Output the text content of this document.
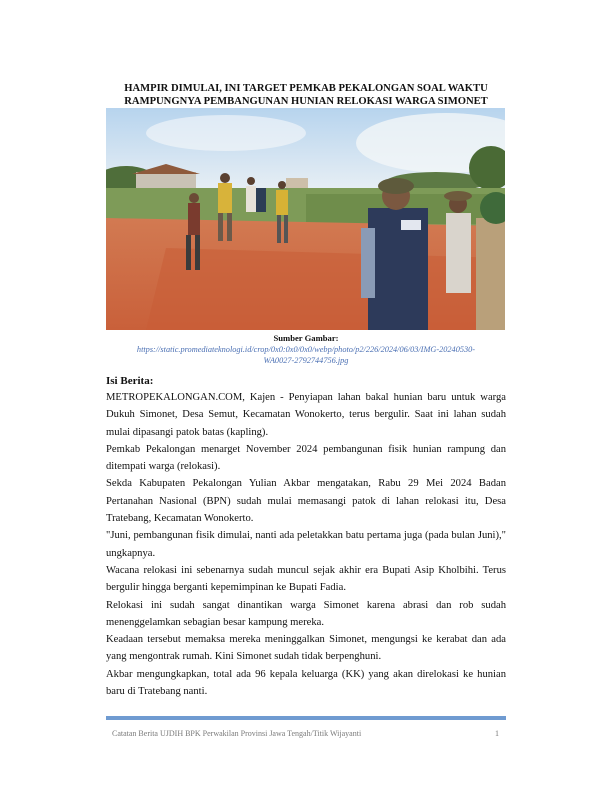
HAMPIR DIMULAI, INI TARGET PEMKAB PEKALONGAN SOAL WAKTU
RAMPUNGNYA PEMBANGUNAN HUNIAN RELOKASI WARGA SIMONET
Sumber Gambar:
https://static.promediateknologi.id/crop/0x0:0x0/0x0/webp/photo/p2/226/2024/06/03/IMG-20240530-
WA0027-2792744756.jpg
Isi Berita:

METROPEKALONGAN.COM, Kajen - Penyiapan lahan bakal hunian baru untuk warga Dukuh Simonet, Desa Semut, Kecamatan Wonokerto, terus bergulir. Saat ini lahan sudah mulai dipasangi patok batas (kapling).

Pemkab Pekalongan menarget November 2024 pembangunan fisik hunian rampung dan ditempati warga (relokasi).

Sekda Kabupaten Pekalongan Yulian Akbar mengatakan, Rabu 29 Mei 2024 Badan Pertanahan Nasional (BPN) sudah mulai memasangi patok di lahan relokasi itu, Desa Tratebang, Kecamatan Wonokerto.

"Juni, pembangunan fisik dimulai, nanti ada peletakkan batu pertama juga (pada bulan Juni)," ungkapnya.

Wacana relokasi ini sebenarnya sudah muncul sejak akhir era Bupati Asip Kholbihi. Terus bergulir hingga berganti kepemimpinan ke Bupati Fadia.

Relokasi ini sudah sangat dinantikan warga Simonet karena abrasi dan rob sudah menenggelamkan sebagian besar kampung mereka.

Keadaan tersebut memaksa mereka meninggalkan Simonet, mengungsi ke kerabat dan ada yang mengontrak rumah. Kini Simonet sudah tidak berpenghuni.

Akbar mengungkapkan, total ada 96 kepala keluarga (KK) yang akan direlokasi ke hunian baru di Tratebang nanti.

Catatan Berita UJDIH BPK Perwakilan Provinsi Jawa Tengah/Titik Wijayanti	1
